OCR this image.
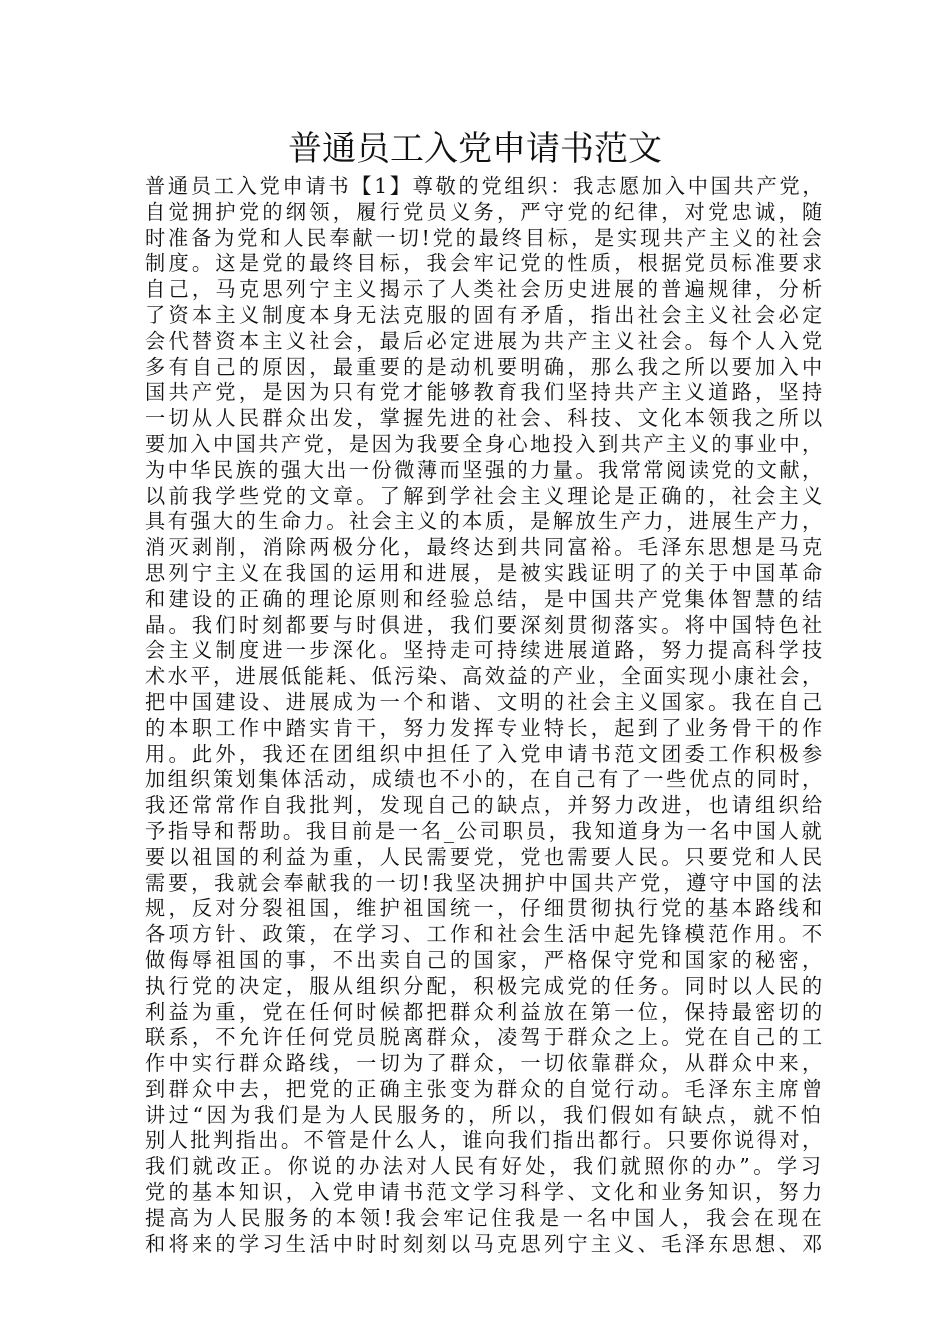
普通员工入党申请书范文
普通员工入党申请书【1】尊敬的党组织：我志愿加入中国共产党，
自觉拥护党的纲领，履行党员义务，严守党的纪律，对党忠诚，随
时准备为党和人民奉献一切!党的最终目标，是实现共产主义的社会
制度。这是党的最终目标，我会牢记党的性质，根据党员标准要求
自己，马克思列宁主义揭示了人类社会历史进展的普遍规律，分析
了资本主义制度本身无法克服的固有矛盾，指出社会主义社会必定
会代替资本主义社会，最后必定进展为共产主义社会。每个人入党
多有自己的原因，最重要的是动机要明确，那么我之所以要加入中
国共产党，是因为只有党才能够教育我们坚持共产主义道路，坚持
一切从人民群众出发，掌握先进的社会、科技、文化本领我之所以
要加入中国共产党，是因为我要全身心地投入到共产主义的事业中，
为中华民族的强大出一份微薄而坚强的力量。我常常阅读党的文献，
以前我学些党的文章。了解到学社会主义理论是正确的，社会主义
具有强大的生命力。社会主义的本质，是解放生产力，进展生产力，
消灭剥削，消除两极分化，最终达到共同富裕。毛泽东思想是马克
思列宁主义在我国的运用和进展，是被实践证明了的关于中国革命
和建设的正确的理论原则和经验总结，是中国共产党集体智慧的结
晶。我们时刻都要与时俱进，我们要深刻贯彻落实。将中国特色社
会主义制度进一步深化。坚持走可持续进展道路，努力提高科学技
术水平，进展低能耗、低污染、高效益的产业，全面实现小康社会，
把中国建设、进展成为一个和谐、文明的社会主义国家。我在自己
的本职工作中踏实肯干，努力发挥专业特长，起到了业务骨干的作
用。此外，我还在团组织中担任了入党申请书范文团委工作积极参
加组织策划集体活动，成绩也不小的，在自己有了一些优点的同时，
我还常常作自我批判，发现自己的缺点，并努力改进，也请组织给
予指导和帮助。我目前是一名_公司职员，我知道身为一名中国人就
要以祖国的利益为重，人民需要党，党也需要人民。只要党和人民
需要，我就会奉献我的一切!我坚决拥护中国共产党，遵守中国的法
规，反对分裂祖国，维护祖国统一，仔细贯彻执行党的基本路线和
各项方针、政策，在学习、工作和社会生活中起先锋模范作用。不
做侮辱祖国的事，不出卖自己的国家，严格保守党和国家的秘密，
执行党的决定，服从组织分配，积极完成党的任务。同时以人民的
利益为重，党在任何时候都把群众利益放在第一位，保持最密切的
联系，不允许任何党员脱离群众，凌驾于群众之上。党在自己的工
作中实行群众路线，一切为了群众，一切依靠群众，从群众中来，
到群众中去，把党的正确主张变为群众的自觉行动。毛泽东主席曾
讲过“因为我们是为人民服务的，所以，我们假如有缺点，就不怕
别人批判指出。不管是什么人，谁向我们指出都行。只要你说得对，
我们就改正。你说的办法对人民有好处，我们就照你的办”。学习
党的基本知识，入党申请书范文学习科学、文化和业务知识，努力
提高为人民服务的本领!我会牢记住我是一名中国人，我会在现在
和将来的学习生活中时时刻刻以马克思列宁主义、毛泽东思想、邓
